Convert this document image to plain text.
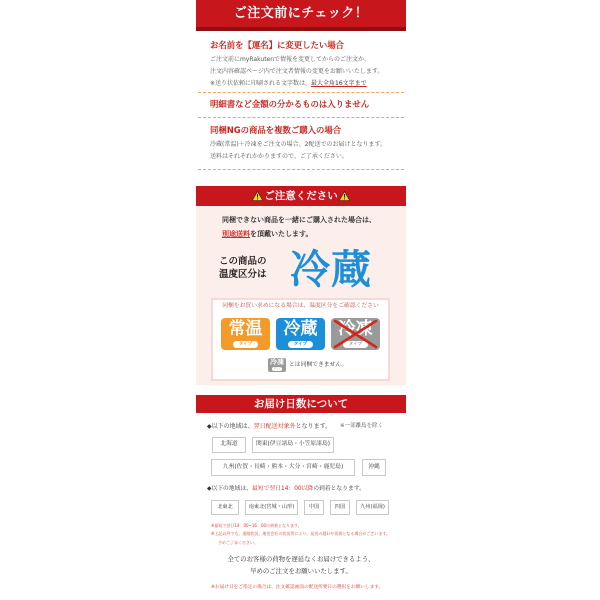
ご注文前にチェック！
お名前を【運名】に変更したい場合
ご注文前にmyRakutenで情報を変更してからのご注文か、
注文内容確認ページ内で注文者情報の変更をお願いいたします。
※送り状依頼に印刷される文字数は、最大全角16文字まで
明細書など金額の分かるものは入りません
同梱NGの商品を複数ご購入の場合
冷蔵(常温)＋冷凍をご注文の場合、2配送でのお届けとなります。
送料はそれぞれかかりますので、ご了承ください。
ご注意ください
同梱できない商品を一緒にご購入された場合は、
別途送料を頂戴いたします。
この商品の
温度区分は 冷蔵
同梱をお買い求めになる場合は、温度区分をご確認ください
常温
タイプ
冷蔵
タイプ
冷凍
タイプ
冷凍
タイプ
とは同梱できません。
お届け日数について
◆以下の地域は、翌日配送対象外となります。 ※一部離島を除く
北海道	関東(伊豆諸島・小笠原諸島)
九州(佐賀・長崎・熊本・大分・宮崎・鹿児島)	沖縄
◆以下の地域は、最短で翌日14：00以降の到着となります。
北東北	南東北(宮城・山形)	中国	四国	九州(福岡)
※最短で翌日14：00~16：00の到着となります。
※上記以外でも、道路状況、運送会社の状況等により、発送の遅れや延着となる場合がございます。
予めご了承ください。
全てのお客様の荷物を遅延なくお届けできるよう、
早めのご注文をお願いいたします。
※お届け日をご指定の場合は、注文確認画面の配送所要日の選択をお願いします。
